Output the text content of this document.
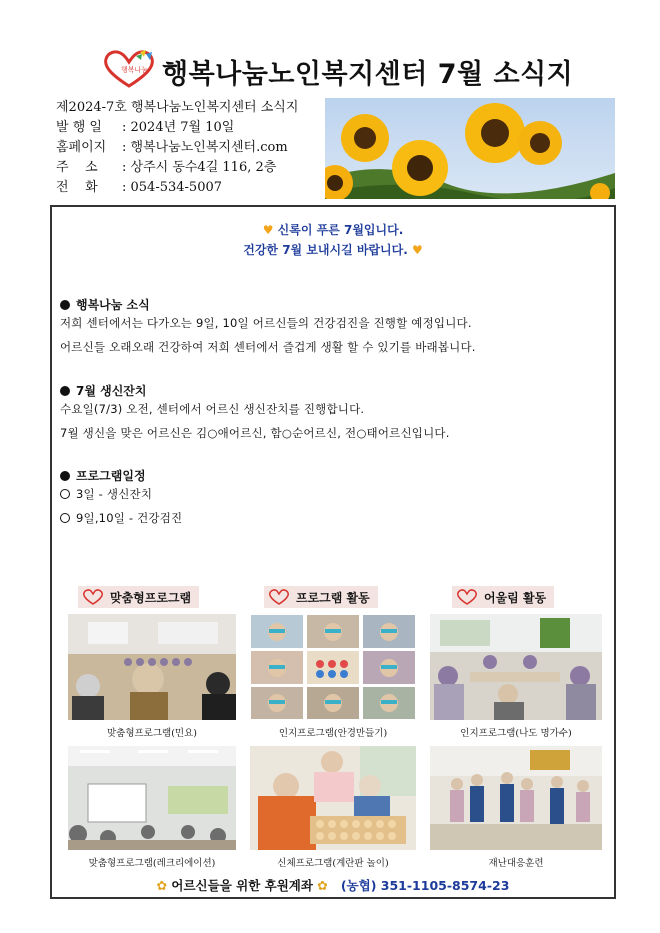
행복나눔 행복나눔노인복지센터 7월 소식지
제2024-7호 행복나눔노인복지센터 소식지
발 행 일	: 2024년 7월 10일
홈페이지	: 행복나눔노인복지센터.com
주    소	: 상주시 동수4길 116, 2층
전    화	: 054-534-5007
♥ 신록이 푸른 7월입니다.
건강한 7월 보내시길 바랍니다. ♥
행복나눔 소식
저희 센터에서는 다가오는 9일, 10일 어르신들의 건강검진을 진행할 예정입니다.
어르신들 오래오래 건강하여 저희 센터에서 즐겁게 생활 할 수 있기를 바래봅니다.
7월 생신잔치
수요일(7/3) 오전, 센터에서 어르신 생신잔치를 진행합니다.
7월 생신을 맞은 어르신은 김○애어르신, 함○순어르신, 전○태어르신입니다.
프로그램일정
3일 - 생신잔치
9일,10일 - 건강검진
맞춤형프로그램	프로그램 활동	어울림 활동
맞춤형프로그램(민요)	인지프로그램(안경만들기)	인지프로그램(나도 명가수)
맞춤형프로그램(레크리에이션)	신체프로그램(계란판 놀이)	재난대응훈련
✿ 어르신들을 위한 후원계좌 ✿ (농협) 351-1105-8574-23
